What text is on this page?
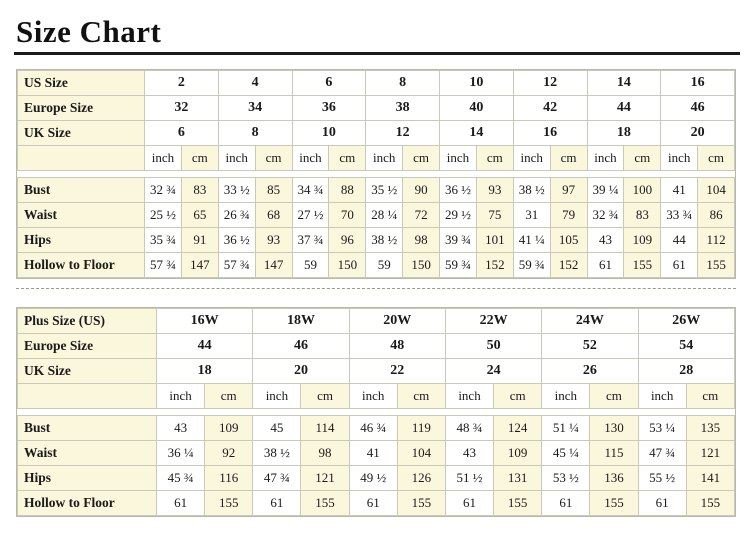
Size Chart
US Size	2		4		6		8		10		12		14		16	
Europe Size	32		34		36		38		40		42		44		46	
UK Size	6		8		10		12		14		16		18		20	
	inch	cm	inch	cm	inch	cm	inch	cm	inch	cm	inch	cm	inch	cm	inch	cm

Bust	32 ¾	83	33 ½	85	34 ¾	88	35 ½	90	36 ½	93	38 ½	97	39 ¼	100	41	104
Waist	25 ½	65	26 ¾	68	27 ½	70	28 ¼	72	29 ½	75	31	79	32 ¾	83	33 ¾	86
Hips	35 ¾	91	36 ½	93	37 ¾	96	38 ½	98	39 ¾	101	41 ¼	105	43	109	44	112
Hollow to Floor	57 ¾	147	57 ¾	147	59	150	59	150	59 ¾	152	59 ¾	152	61	155	61	155
Plus Size (US)	16W		18W		20W		22W		24W		26W	
Europe Size	44		46		48		50		52		54	
UK Size	18		20		22		24		26		28	
	inch	cm	inch	cm	inch	cm	inch	cm	inch	cm	inch	cm

Bust	43	109	45	114	46 ¾	119	48 ¾	124	51 ¼	130	53 ¼	135
Waist	36 ¼	92	38 ½	98	41	104	43	109	45 ¼	115	47 ¾	121
Hips	45 ¾	116	47 ¾	121	49 ½	126	51 ½	131	53 ½	136	55 ½	141
Hollow to Floor	61	155	61	155	61	155	61	155	61	155	61	155
